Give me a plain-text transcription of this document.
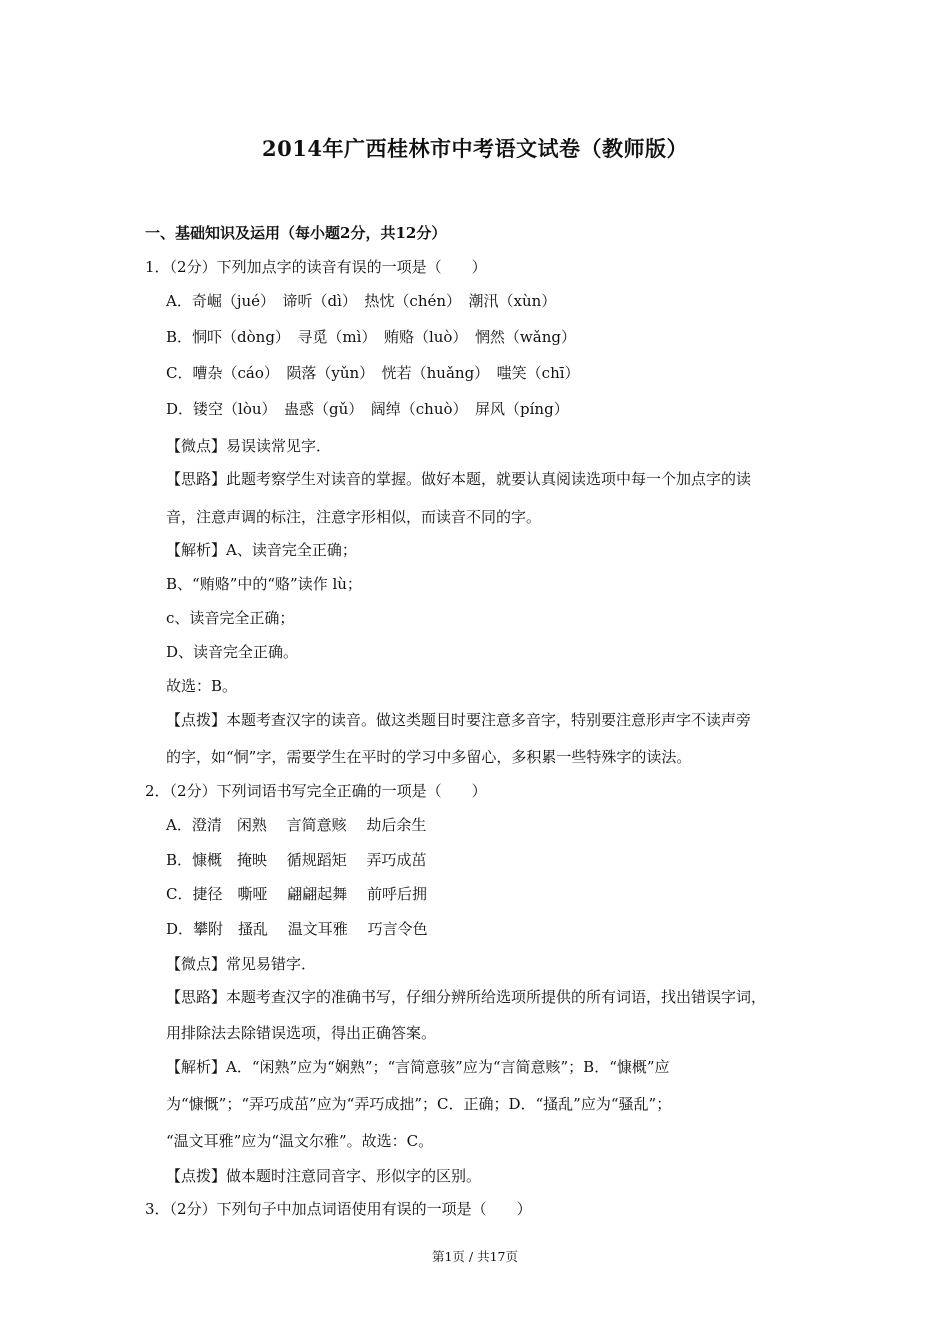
2014年广西桂林市中考语文试卷（教师版）
一、基础知识及运用（每小题2分，共12分）
1．（2分）下列加点字的读音有误的一项是（　　）
A．奇崛（jué）　谛听（dì）　热忱（chén）　潮汛（xùn）
B．恫吓（dòng）　寻觅（mì）　贿赂（luò）　惘然（wǎng）
C．嘈杂（cáo）　陨落（yǔn）　恍若（huǎng）　嗤笑（chī）
D．镂空（lòu）　蛊惑（gǔ）　阔绰（chuò）　屏风（píng）
【微点】易误读常见字．
【思路】此题考察学生对读音的掌握。做好本题，就要认真阅读选项中每一个加点字的读
音，注意声调的标注，注意字形相似，而读音不同的字。
【解析】A、读音完全正确；
B、“贿赂”中的“赂”读作 lù；
c、读音完全正确；
D、读音完全正确。
故选：B。
【点拨】本题考查汉字的读音。做这类题目时要注意多音字，特别要注意形声字不读声旁
的字，如“恫”字，需要学生在平时的学习中多留心，多积累一些特殊字的读法。
2．（2分）下列词语书写完全正确的一项是（　　）
A．澄清　闲熟　 言简意赅　 劫后余生
B．慷概　掩映　 循规蹈矩　 弄巧成茁
C．捷径　嘶哑　 翩翩起舞　 前呼后拥
D．攀附　搔乱　 温文耳雅　 巧言令色
【微点】常见易错字．
【思路】本题考查汉字的准确书写，仔细分辨所给选项所提供的所有词语，找出错误字词，
用排除法去除错误选项，得出正确答案。
【解析】A．“闲熟”应为“娴熟”；“言简意骇”应为“言简意赅”；B．“慷概”应
为“慷慨”；“弄巧成茁”应为“弄巧成拙”；C．正确；D．“搔乱”应为“骚乱”；
“温文耳雅”应为“温文尔雅”。故选：C。
【点拨】做本题时注意同音字、形似字的区别。
3．（2分）下列句子中加点词语使用有误的一项是（　　）
第1页 / 共17页
